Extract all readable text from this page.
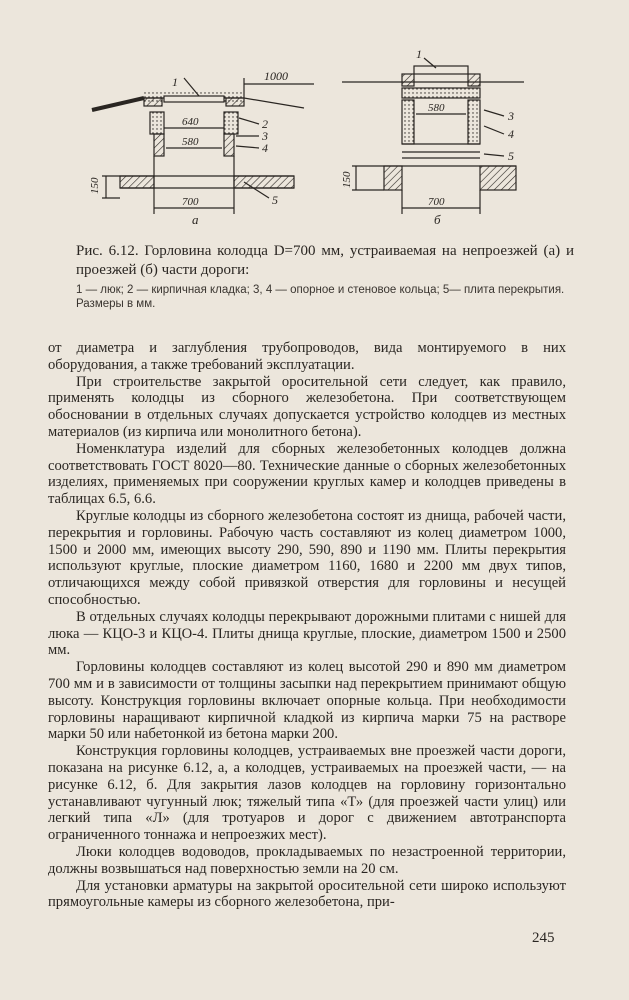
1
2
3
4
5
1000
640
580
700
150
а
1
3
4
5
580
700
150
б
Рис. 6.12. Горловина колодца D=700 мм, устраиваемая на непроезжей (а) и проезжей (б) части дороги:
1 — люк; 2 — кирпичная кладка; 3, 4 — опорное и стеновое кольца; 5— плита перекрытия. Размеры в мм.

от диаметра и заглубления трубопроводов, вида монтируемого в них оборудования, а также требований эксплуатации.

При строительстве закрытой оросительной сети следует, как правило, применять колодцы из сборного железобетона. При соответствующем обосновании в отдельных случаях допускается устройство колодцев из местных материалов (из кирпича или монолитного бетона).

Номенклатура изделий для сборных железобетонных колодцев должна соответствовать ГОСТ 8020—80. Технические данные о сборных железобетонных изделиях, применяемых при сооружении круглых камер и колодцев приведены в таблицах 6.5, 6.6.

Круглые колодцы из сборного железобетона состоят из днища, рабочей части, перекрытия и горловины. Рабочую часть составляют из колец диаметром 1000, 1500 и 2000 мм, имеющих высоту 290, 590, 890 и 1190 мм. Плиты перекрытия используют круглые, плоские диаметром 1160, 1680 и 2200 мм двух типов, отличающихся между собой привязкой отверстия для горловины и несущей способностью.

В отдельных случаях колодцы перекрывают дорожными плитами с нишей для люка — КЦО-3 и КЦО-4. Плиты днища круглые, плоские, диаметром 1500 и 2500 мм.

Горловины колодцев составляют из колец высотой 290 и 890 мм диаметром 700 мм и в зависимости от толщины засыпки над перекрытием принимают общую высоту. Конструкция горловины включает опорные кольца. При необходимости горловины наращивают кирпичной кладкой из кирпича марки 75 на растворе марки 50 или набетонкой из бетона марки 200.

Конструкция горловины колодцев, устраиваемых вне проезжей части дороги, показана на рисунке 6.12, а, а колодцев, устраиваемых на проезжей части, — на рисунке 6.12, б. Для закрытия лазов колодцев на горловину горизонтально устанавливают чугунный люк; тяжелый типа «Т» (для проезжей части улиц) или легкий типа «Л» (для тротуаров и дорог с движением автотранспорта ограниченного тоннажа и непроезжих мест).

Люки колодцев водоводов, прокладываемых по незастроенной территории, должны возвышаться над поверхностью земли на 20 см.

Для установки арматуры на закрытой оросительной сети широко используют прямоугольные камеры из сборного железобетона, при-

245
